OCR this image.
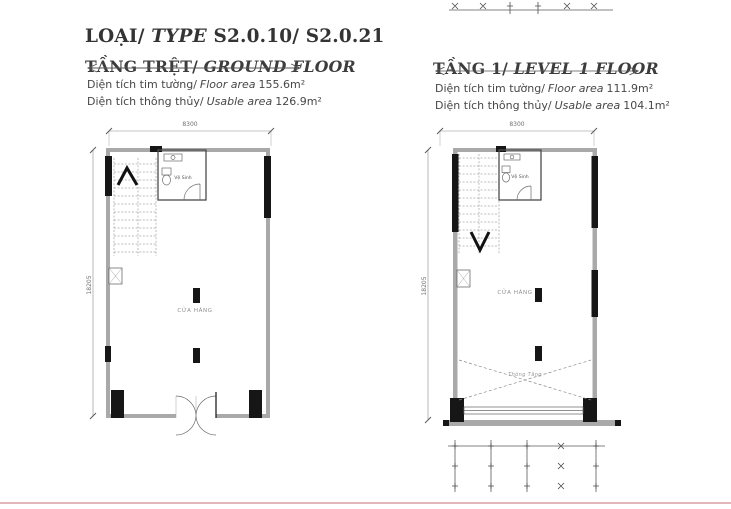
LOẠI/ TYPE S2.0.10/ S2.0.21
TẦNG TRỆT/ GROUND FLOOR
Diện tích tim tường/ Floor area 155.6m²
Diện tích thông thủy/ Usable area 126.9m²
8300
18205
Vệ Sinh
CỬA HÀNG
TẦNG 1/ LEVEL 1 FLOOR
Diện tích tim tường/ Floor area 111.9m²
Diện tích thông thủy/ Usable area 104.1m²
8300
18205
Vệ Sinh
CỬA HÀNG
Thông Tầng
